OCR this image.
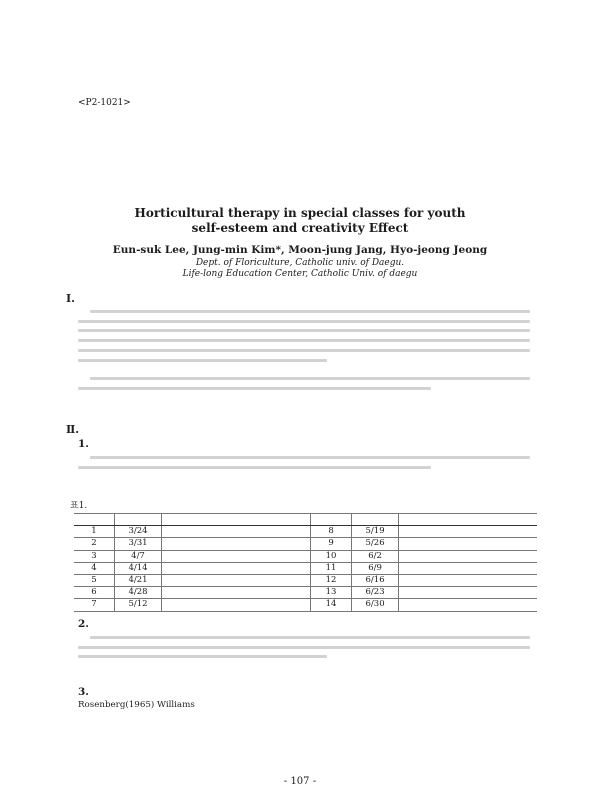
<P2-1021>
Horticultural therapy in special classes for youth
self-esteem and creativity Effect
Eun-suk Lee, Jung-min Kim*, Moon-jung Jang, Hyo-jeong Jeong
Dept. of Floriculture, Catholic univ. of Daegu.
Life-long Education Center, Catholic Univ. of daegu
Ⅰ.
Ⅱ.
1.
표1.

1	3/24		8	5/19	
2	3/31		9	5/26	
3	4/7		10	6/2	
4	4/14		11	6/9	
5	4/21		12	6/16	
6	4/28		13	6/23	
7	5/12		14	6/30	
2.
3.
Rosenberg(1965) Williams
- 107 -
